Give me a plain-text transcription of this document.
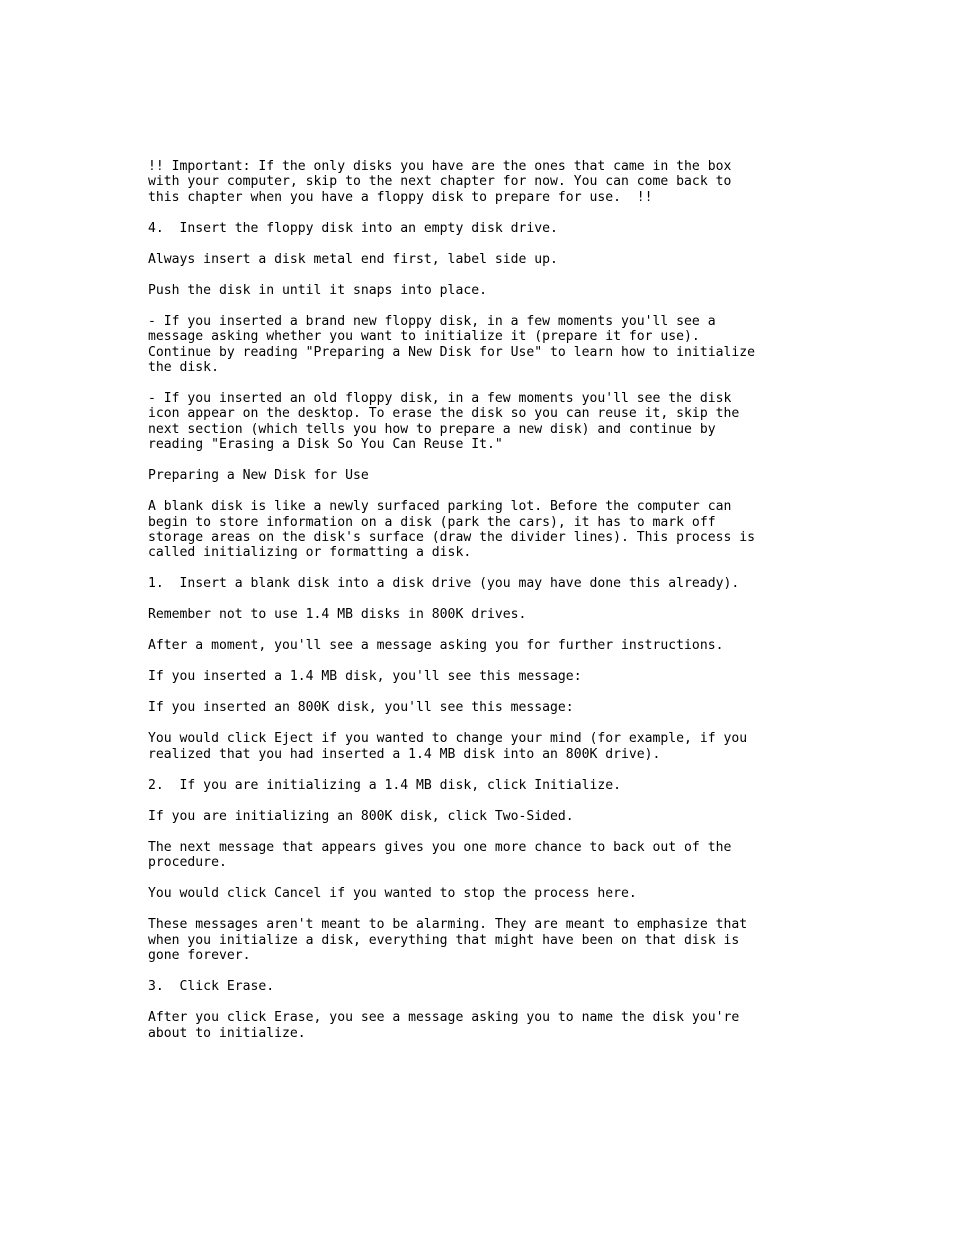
!! Important: If the only disks you have are the ones that came in the box
with your computer, skip to the next chapter for now. You can come back to
this chapter when you have a floppy disk to prepare for use.  !!

4.  Insert the floppy disk into an empty disk drive.

Always insert a disk metal end first, label side up.

Push the disk in until it snaps into place.

- If you inserted a brand new floppy disk, in a few moments you'll see a
message asking whether you want to initialize it (prepare it for use).
Continue by reading "Preparing a New Disk for Use" to learn how to initialize
the disk.

- If you inserted an old floppy disk, in a few moments you'll see the disk
icon appear on the desktop. To erase the disk so you can reuse it, skip the
next section (which tells you how to prepare a new disk) and continue by
reading "Erasing a Disk So You Can Reuse It."

Preparing a New Disk for Use

A blank disk is like a newly surfaced parking lot. Before the computer can
begin to store information on a disk (park the cars), it has to mark off
storage areas on the disk's surface (draw the divider lines). This process is
called initializing or formatting a disk.

1.  Insert a blank disk into a disk drive (you may have done this already).

Remember not to use 1.4 MB disks in 800K drives.

After a moment, you'll see a message asking you for further instructions.

If you inserted a 1.4 MB disk, you'll see this message:

If you inserted an 800K disk, you'll see this message:

You would click Eject if you wanted to change your mind (for example, if you
realized that you had inserted a 1.4 MB disk into an 800K drive).

2.  If you are initializing a 1.4 MB disk, click Initialize.

If you are initializing an 800K disk, click Two-Sided.

The next message that appears gives you one more chance to back out of the
procedure.

You would click Cancel if you wanted to stop the process here.

These messages aren't meant to be alarming. They are meant to emphasize that
when you initialize a disk, everything that might have been on that disk is
gone forever.

3.  Click Erase.

After you click Erase, you see a message asking you to name the disk you're
about to initialize.
